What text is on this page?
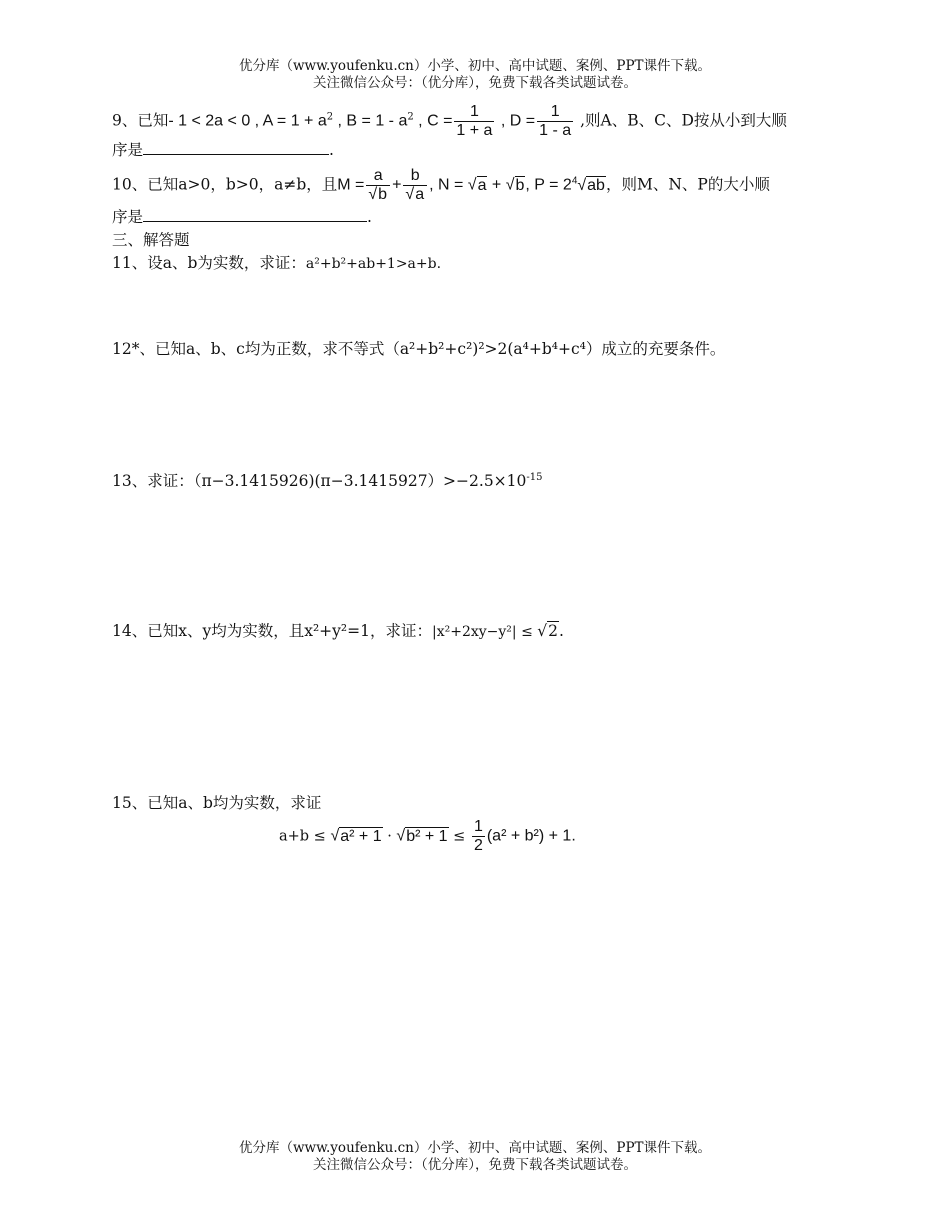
优分库（www.youfenku.cn）小学、初中、高中试题、案例、PPT课件下载。
关注微信公众号：（优分库），免费下载各类试题试卷。
9、已知- 1 < 2a < 0 , $A = 1 + a^2$ , $B = 1 - a^2$ , $C = \frac{1}{1 + a}$ , $D = \frac{1}{1 - a}$ ,则A、B、C、D按从小到大顺
序是	.
10、已知a>0，b>0，a≠b，且$M = \frac{a}{√b} + \frac{b}{√a}$ , N = √a + √b, $P = 2^4√ab$，则M、N、P的大小顺
序是	.
三、解答题
11、设a、b为实数，求证：a²+b²+ab+1>a+b.
12*、已知a、b、c均为正数，求不等式（a²+b²+c²)²>2(a⁴+b⁴+c⁴）成立的充要条件。
13、求证：$(\pi-3.1415926)(\pi-3.1415927)>-2.5\times 10^{-15}$
14、已知x、y均为实数，且x²+y²=1，求证：|x²+2xy−y²| ≤ √2.
15、已知a、b均为实数，求证
$a+b \le √a^2 + 1 \cdot √b^2 + 1 \le \frac{1}{2} (a^2 + b^2) + 1$.
优分库（www.youfenku.cn）小学、初中、高中试题、案例、PPT课件下载。
关注微信公众号：（优分库），免费下载各类试题试卷。
